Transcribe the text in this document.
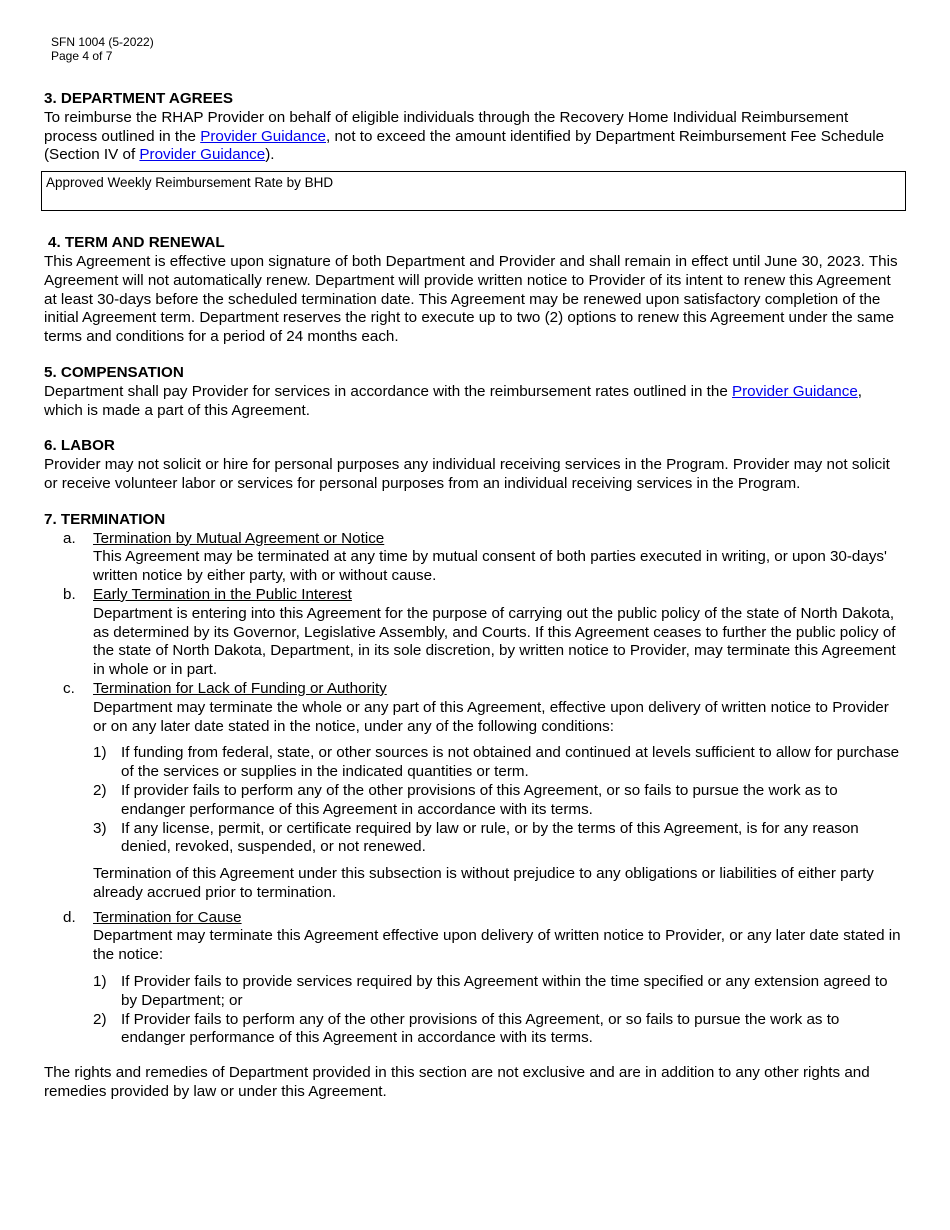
SFN 1004 (5-2022)
Page 4 of 7
3. DEPARTMENT AGREES

To reimburse the RHAP Provider on behalf of eligible individuals through the Recovery Home Individual Reimbursement process outlined in the Provider Guidance, not to exceed the amount identified by Department Reimbursement Fee Schedule (Section IV of Provider Guidance).

Approved Weekly Reimbursement Rate by BHD
4. TERM AND RENEWAL

This Agreement is effective upon signature of both Department and Provider and shall remain in effect until June 30, 2023. This Agreement will not automatically renew. Department will provide written notice to Provider of its intent to renew this Agreement at least 30-days before the scheduled termination date. This Agreement may be renewed upon satisfactory completion of the initial Agreement term. Department reserves the right to execute up to two (2) options to renew this Agreement under the same terms and conditions for a period of 24 months each.

5. COMPENSATION

Department shall pay Provider for services in accordance with the reimbursement rates outlined in the Provider Guidance, which is made a part of this Agreement.

6. LABOR

Provider may not solicit or hire for personal purposes any individual receiving services in the Program. Provider may not solicit or receive volunteer labor or services for personal purposes from an individual receiving services in the Program.

7. TERMINATION
a.	Termination by Mutual Agreement or Notice

This Agreement may be terminated at any time by mutual consent of both parties executed in writing, or upon 30-days' written notice by either party, with or without cause.

b.	Early Termination in the Public Interest

Department is entering into this Agreement for the purpose of carrying out the public policy of the state of North Dakota, as determined by its Governor, Legislative Assembly, and Courts. If this Agreement ceases to further the public policy of the state of North Dakota, Department, in its sole discretion, by written notice to Provider, may terminate this Agreement in whole or in part.

c.	Termination for Lack of Funding or Authority

Department may terminate the whole or any part of this Agreement, effective upon delivery of written notice to Provider or on any later date stated in the notice, under any of the following conditions:

1) If funding from federal, state, or other sources is not obtained and continued at levels sufficient to allow for purchase of the services or supplies in the indicated quantities or term.
2) If provider fails to perform any of the other provisions of this Agreement, or so fails to pursue the work as to endanger performance of this Agreement in accordance with its terms.
3) If any license, permit, or certificate required by law or rule, or by the terms of this Agreement, is for any reason denied, revoked, suspended, or not renewed.

Termination of this Agreement under this subsection is without prejudice to any obligations or liabilities of either party already accrued prior to termination.

d.	Termination for Cause

Department may terminate this Agreement effective upon delivery of written notice to Provider, or any later date stated in the notice:

1) If Provider fails to provide services required by this Agreement within the time specified or any extension agreed to by Department; or
2) If Provider fails to perform any of the other provisions of this Agreement, or so fails to pursue the work as to endanger performance of this Agreement in accordance with its terms.

The rights and remedies of Department provided in this section are not exclusive and are in addition to any other rights and remedies provided by law or under this Agreement.
